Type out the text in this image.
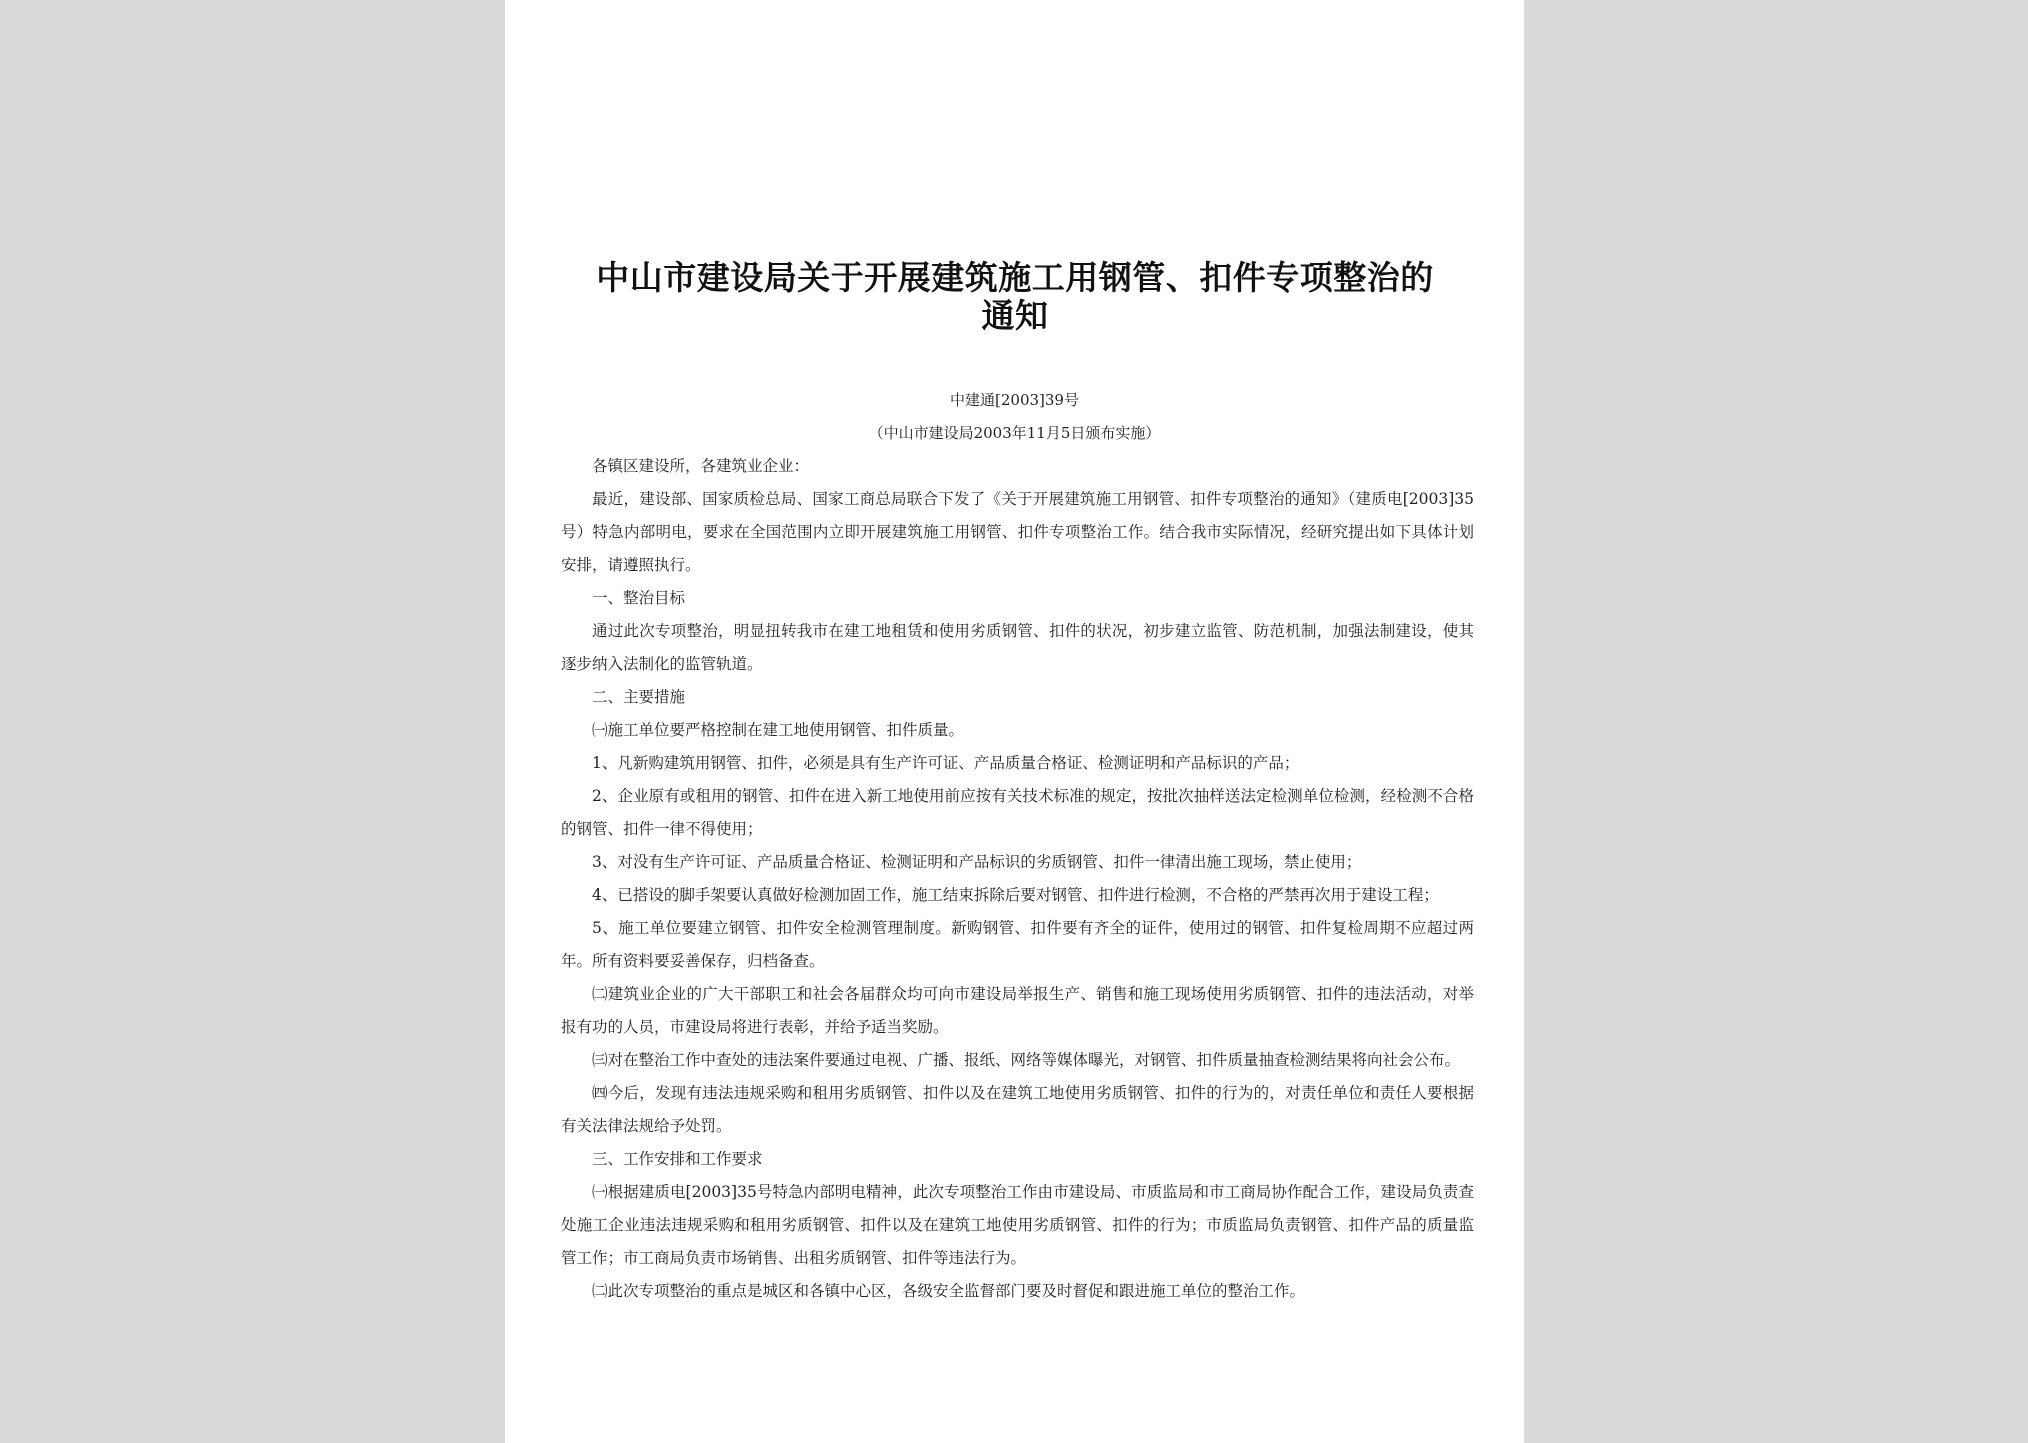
中山市建设局关于开展建筑施工用钢管、扣件专项整治的通知
中建通[2003]39号
（中山市建设局2003年11月5日颁布实施）

各镇区建设所，各建筑业企业：

最近，建设部、国家质检总局、国家工商总局联合下发了《关于开展建筑施工用钢管、扣件专项整治的通知》（建质电[2003]35号）特急内部明电，要求在全国范围内立即开展建筑施工用钢管、扣件专项整治工作。结合我市实际情况，经研究提出如下具体计划安排，请遵照执行。

一、整治目标

通过此次专项整治，明显扭转我市在建工地租赁和使用劣质钢管、扣件的状况，初步建立监管、防范机制，加强法制建设，使其逐步纳入法制化的监管轨道。

二、主要措施

㈠施工单位要严格控制在建工地使用钢管、扣件质量。

1、凡新购建筑用钢管、扣件，必须是具有生产许可证、产品质量合格证、检测证明和产品标识的产品；

2、企业原有或租用的钢管、扣件在进入新工地使用前应按有关技术标准的规定，按批次抽样送法定检测单位检测，经检测不合格的钢管、扣件一律不得使用；

3、对没有生产许可证、产品质量合格证、检测证明和产品标识的劣质钢管、扣件一律清出施工现场，禁止使用；

4、已搭设的脚手架要认真做好检测加固工作，施工结束拆除后要对钢管、扣件进行检测，不合格的严禁再次用于建设工程；

5、施工单位要建立钢管、扣件安全检测管理制度。新购钢管、扣件要有齐全的证件，使用过的钢管、扣件复检周期不应超过两年。所有资料要妥善保存，归档备查。

㈡建筑业企业的广大干部职工和社会各届群众均可向市建设局举报生产、销售和施工现场使用劣质钢管、扣件的违法活动，对举报有功的人员，市建设局将进行表彰，并给予适当奖励。

㈢对在整治工作中查处的违法案件要通过电视、广播、报纸、网络等媒体曝光，对钢管、扣件质量抽查检测结果将向社会公布。

㈣今后，发现有违法违规采购和租用劣质钢管、扣件以及在建筑工地使用劣质钢管、扣件的行为的，对责任单位和责任人要根据有关法律法规给予处罚。

三、工作安排和工作要求

㈠根据建质电[2003]35号特急内部明电精神，此次专项整治工作由市建设局、市质监局和市工商局协作配合工作，建设局负责查处施工企业违法违规采购和租用劣质钢管、扣件以及在建筑工地使用劣质钢管、扣件的行为；市质监局负责钢管、扣件产品的质量监管工作；市工商局负责市场销售、出租劣质钢管、扣件等违法行为。

㈡此次专项整治的重点是城区和各镇中心区，各级安全监督部门要及时督促和跟进施工单位的整治工作。
